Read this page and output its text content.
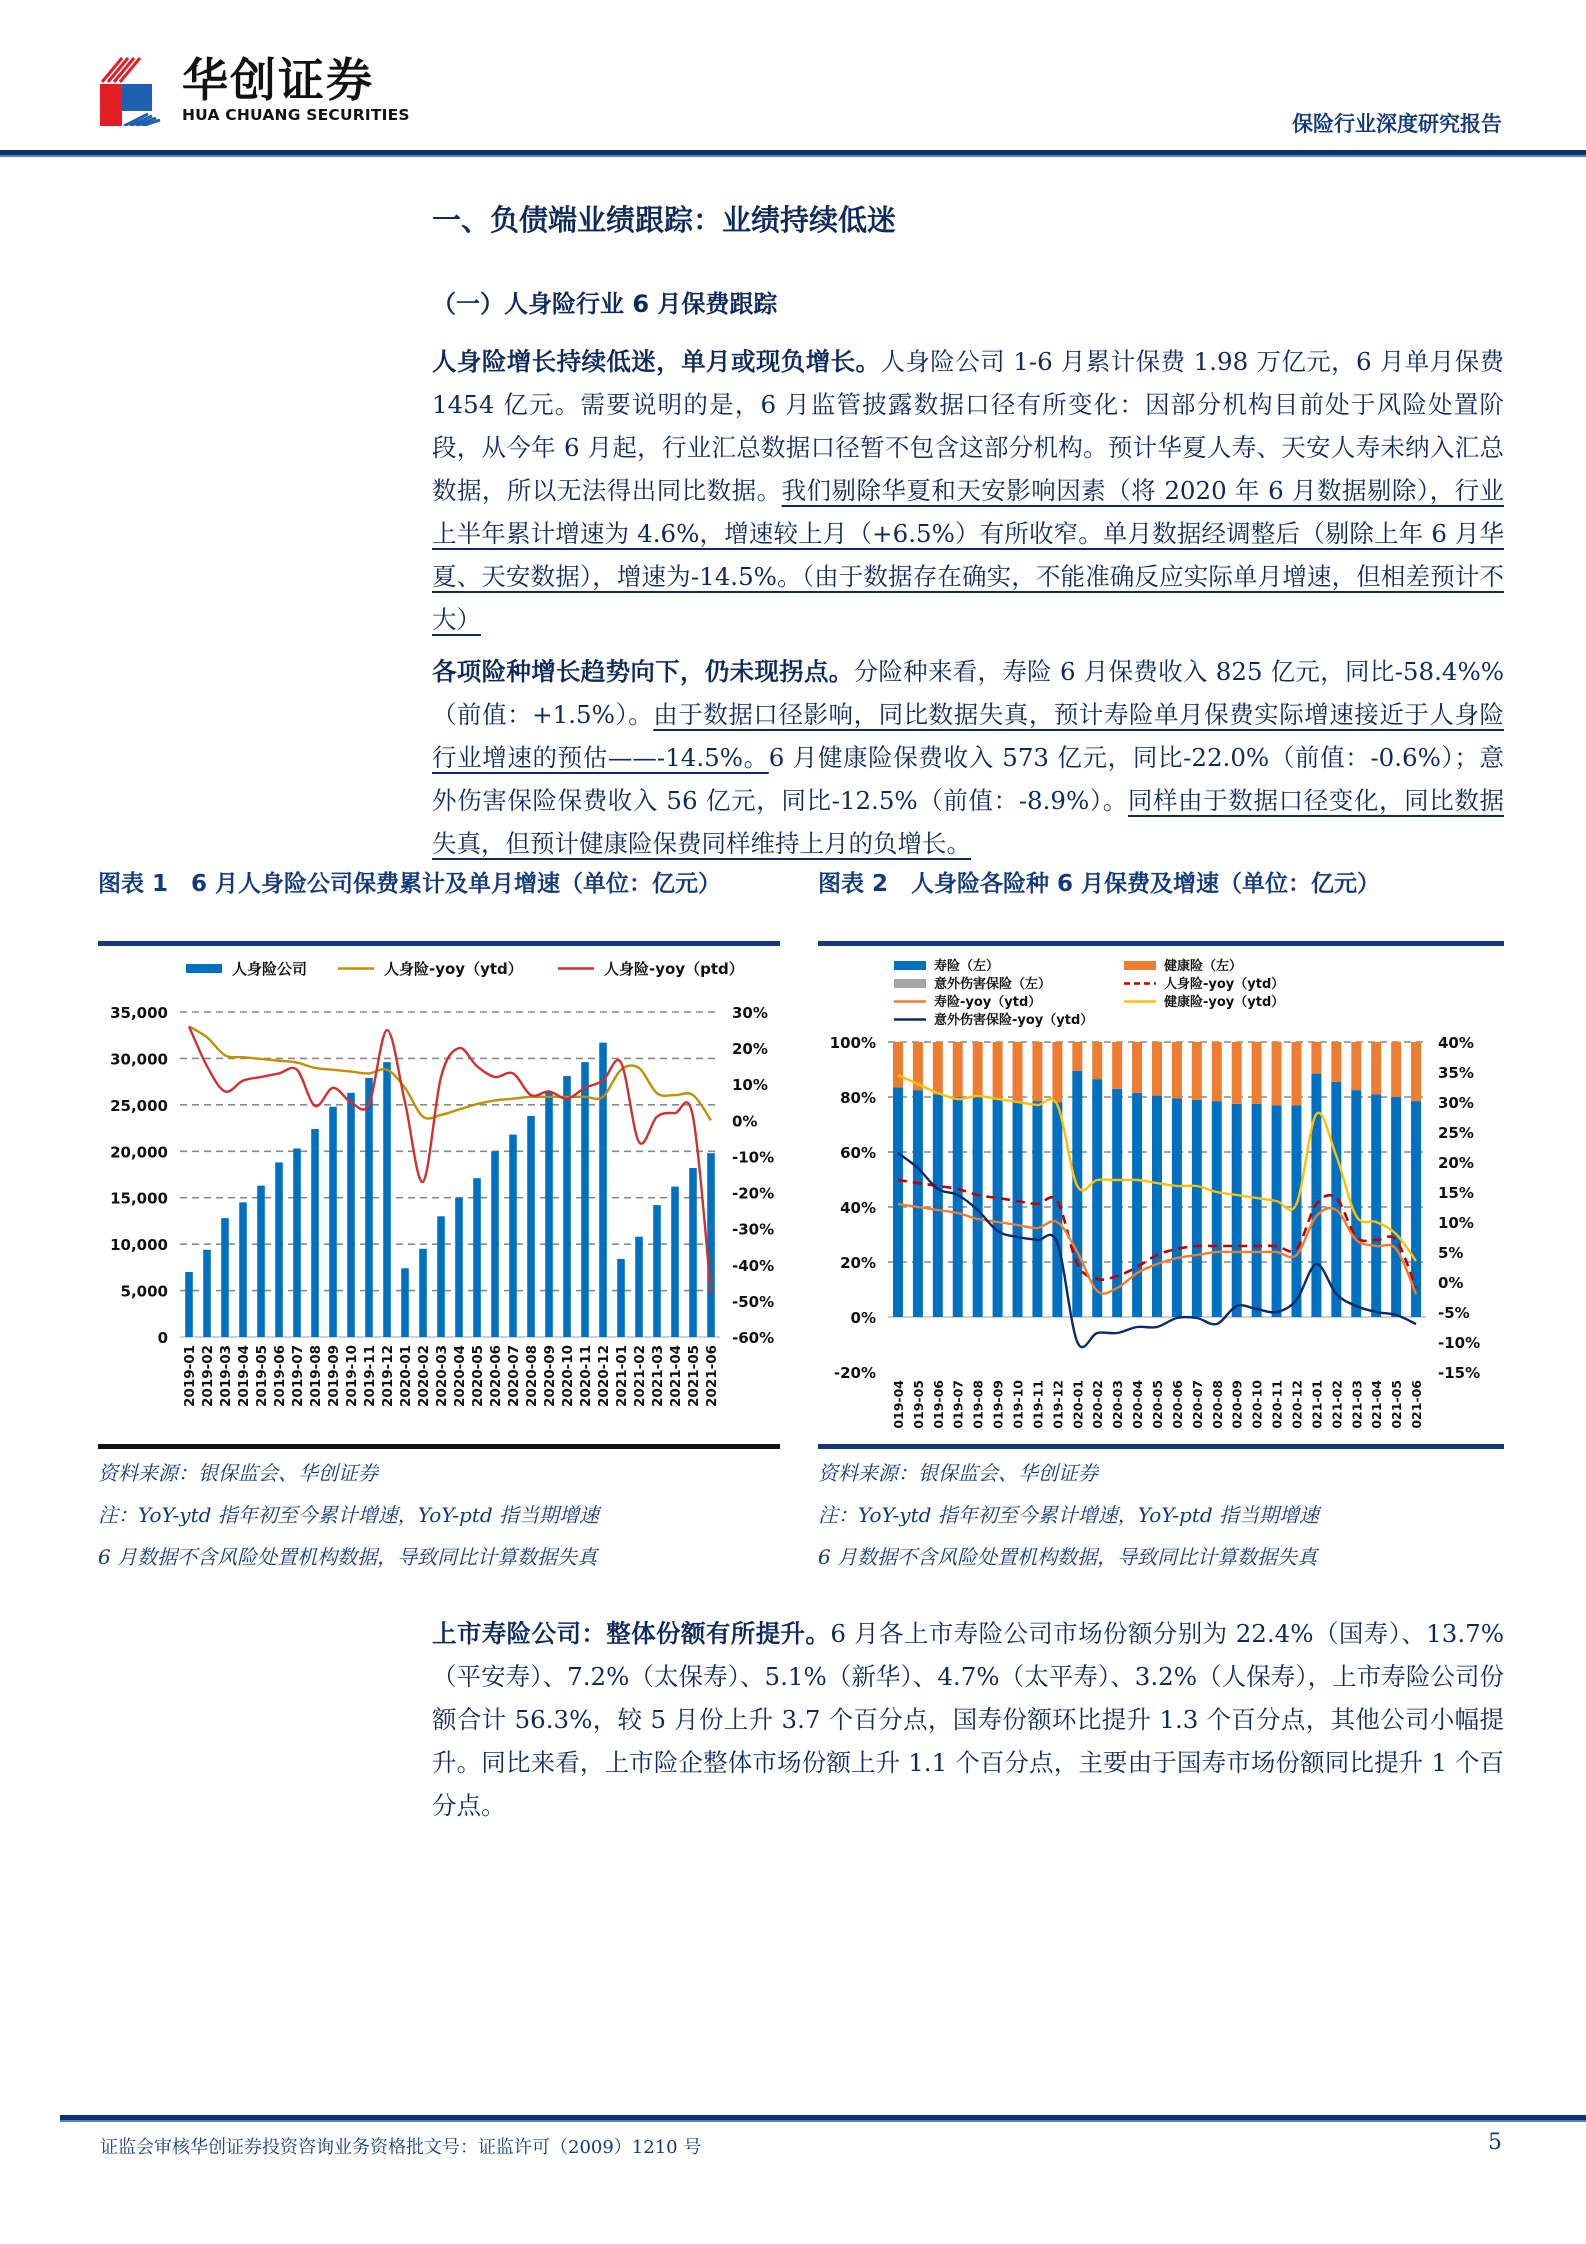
华创证券
HUA CHUANG SECURITIES	保险行业深度研究报告
一、负债端业绩跟踪：业绩持续低迷
（一）人身险行业 6 月保费跟踪
人身险增长持续低迷，单月或现负增长。人身险公司 1-6 月累计保费 1.98 万亿元，6 月单月保费 1454 亿元。需要说明的是，6 月监管披露数据口径有所变化：因部分机构目前处于风险处置阶段，从今年 6 月起，行业汇总数据口径暂不包含这部分机构。预计华夏人寿、天安人寿未纳入汇总数据，所以无法得出同比数据。我们剔除华夏和天安影响因素（将 2020 年 6 月数据剔除），行业上半年累计增速为 4.6%，增速较上月（+6.5%）有所收窄。单月数据经调整后（剔除上年 6 月华夏、天安数据），增速为-14.5%。（由于数据存在确实，不能准确反应实际单月增速，但相差预计不大）
各项险种增长趋势向下，仍未现拐点。分险种来看，寿险 6 月保费收入 825 亿元，同比-58.4%%（前值：+1.5%）。由于数据口径影响，同比数据失真，预计寿险单月保费实际增速接近于人身险行业增速的预估——-14.5%。6 月健康险保费收入 573 亿元，同比-22.0%（前值：-0.6%）；意外伤害保险保费收入 56 亿元，同比-12.5%（前值：-8.9%）。同样由于数据口径变化，同比数据失真，但预计健康险保费同样维持上月的负增长。
图表 1　6 月人身险公司保费累计及单月增速（单位：亿元）
人身险公司	人身险-yoy（ytd）	人身险-yoy（ptd）
0
5,000
10,000
15,000
20,000
25,000
30,000
35,000
-60%
-50%
-40%
-30%
-20%
-10%
0%
10%
20%
30%
2019-01 2019-02 2019-03 2019-04 2019-05 2019-06 2019-07 2019-08 2019-09 2019-10 2019-11 2019-12 2020-01 2020-02 2020-03 2020-04 2020-05 2020-06 2020-07 2020-08 2020-09 2020-10 2020-11 2020-12 2021-01 2021-02 2021-03 2021-04 2021-05 2021-06
资料来源：银保监会、华创证券
注：YoY-ytd 指年初至今累计增速，YoY-ptd 指当期增速
6 月数据不含风险处置机构数据，导致同比计算数据失真
图表 2　人身险各险种 6 月保费及增速（单位：亿元）
寿险（左）	健康险（左）
意外伤害保险（左）	人身险-yoy（ytd）
寿险-yoy（ytd）	健康险-yoy（ytd）
意外伤害保险-yoy（ytd）
-20%
0%
20%
40%
60%
80%
100%
-15%
-10%
-5%
0%
5%
10%
15%
20%
25%
30%
35%
40%
2019-04 2019-05 2019-06 2019-07 2019-08 2019-09 2019-10 2019-11 2019-12 2020-01 2020-02 2020-03 2020-04 2020-05 2020-06 2020-07 2020-08 2020-09 2020-10 2020-11 2020-12 2021-01 2021-02 2021-03 2021-04 2021-05 2021-06
资料来源：银保监会、华创证券
注：YoY-ytd 指年初至今累计增速，YoY-ptd 指当期增速
6 月数据不含风险处置机构数据，导致同比计算数据失真
上市寿险公司：整体份额有所提升。6 月各上市寿险公司市场份额分别为 22.4%（国寿）、13.7%（平安寿）、7.2%（太保寿）、5.1%（新华）、4.7%（太平寿）、3.2%（人保寿），上市寿险公司份额合计 56.3%，较 5 月份上升 3.7 个百分点，国寿份额环比提升 1.3 个百分点，其他公司小幅提升。同比来看，上市险企整体市场份额上升 1.1 个百分点，主要由于国寿市场份额同比提升 1 个百分点。
证监会审核华创证券投资咨询业务资格批文号：证监许可（2009）1210 号	5
